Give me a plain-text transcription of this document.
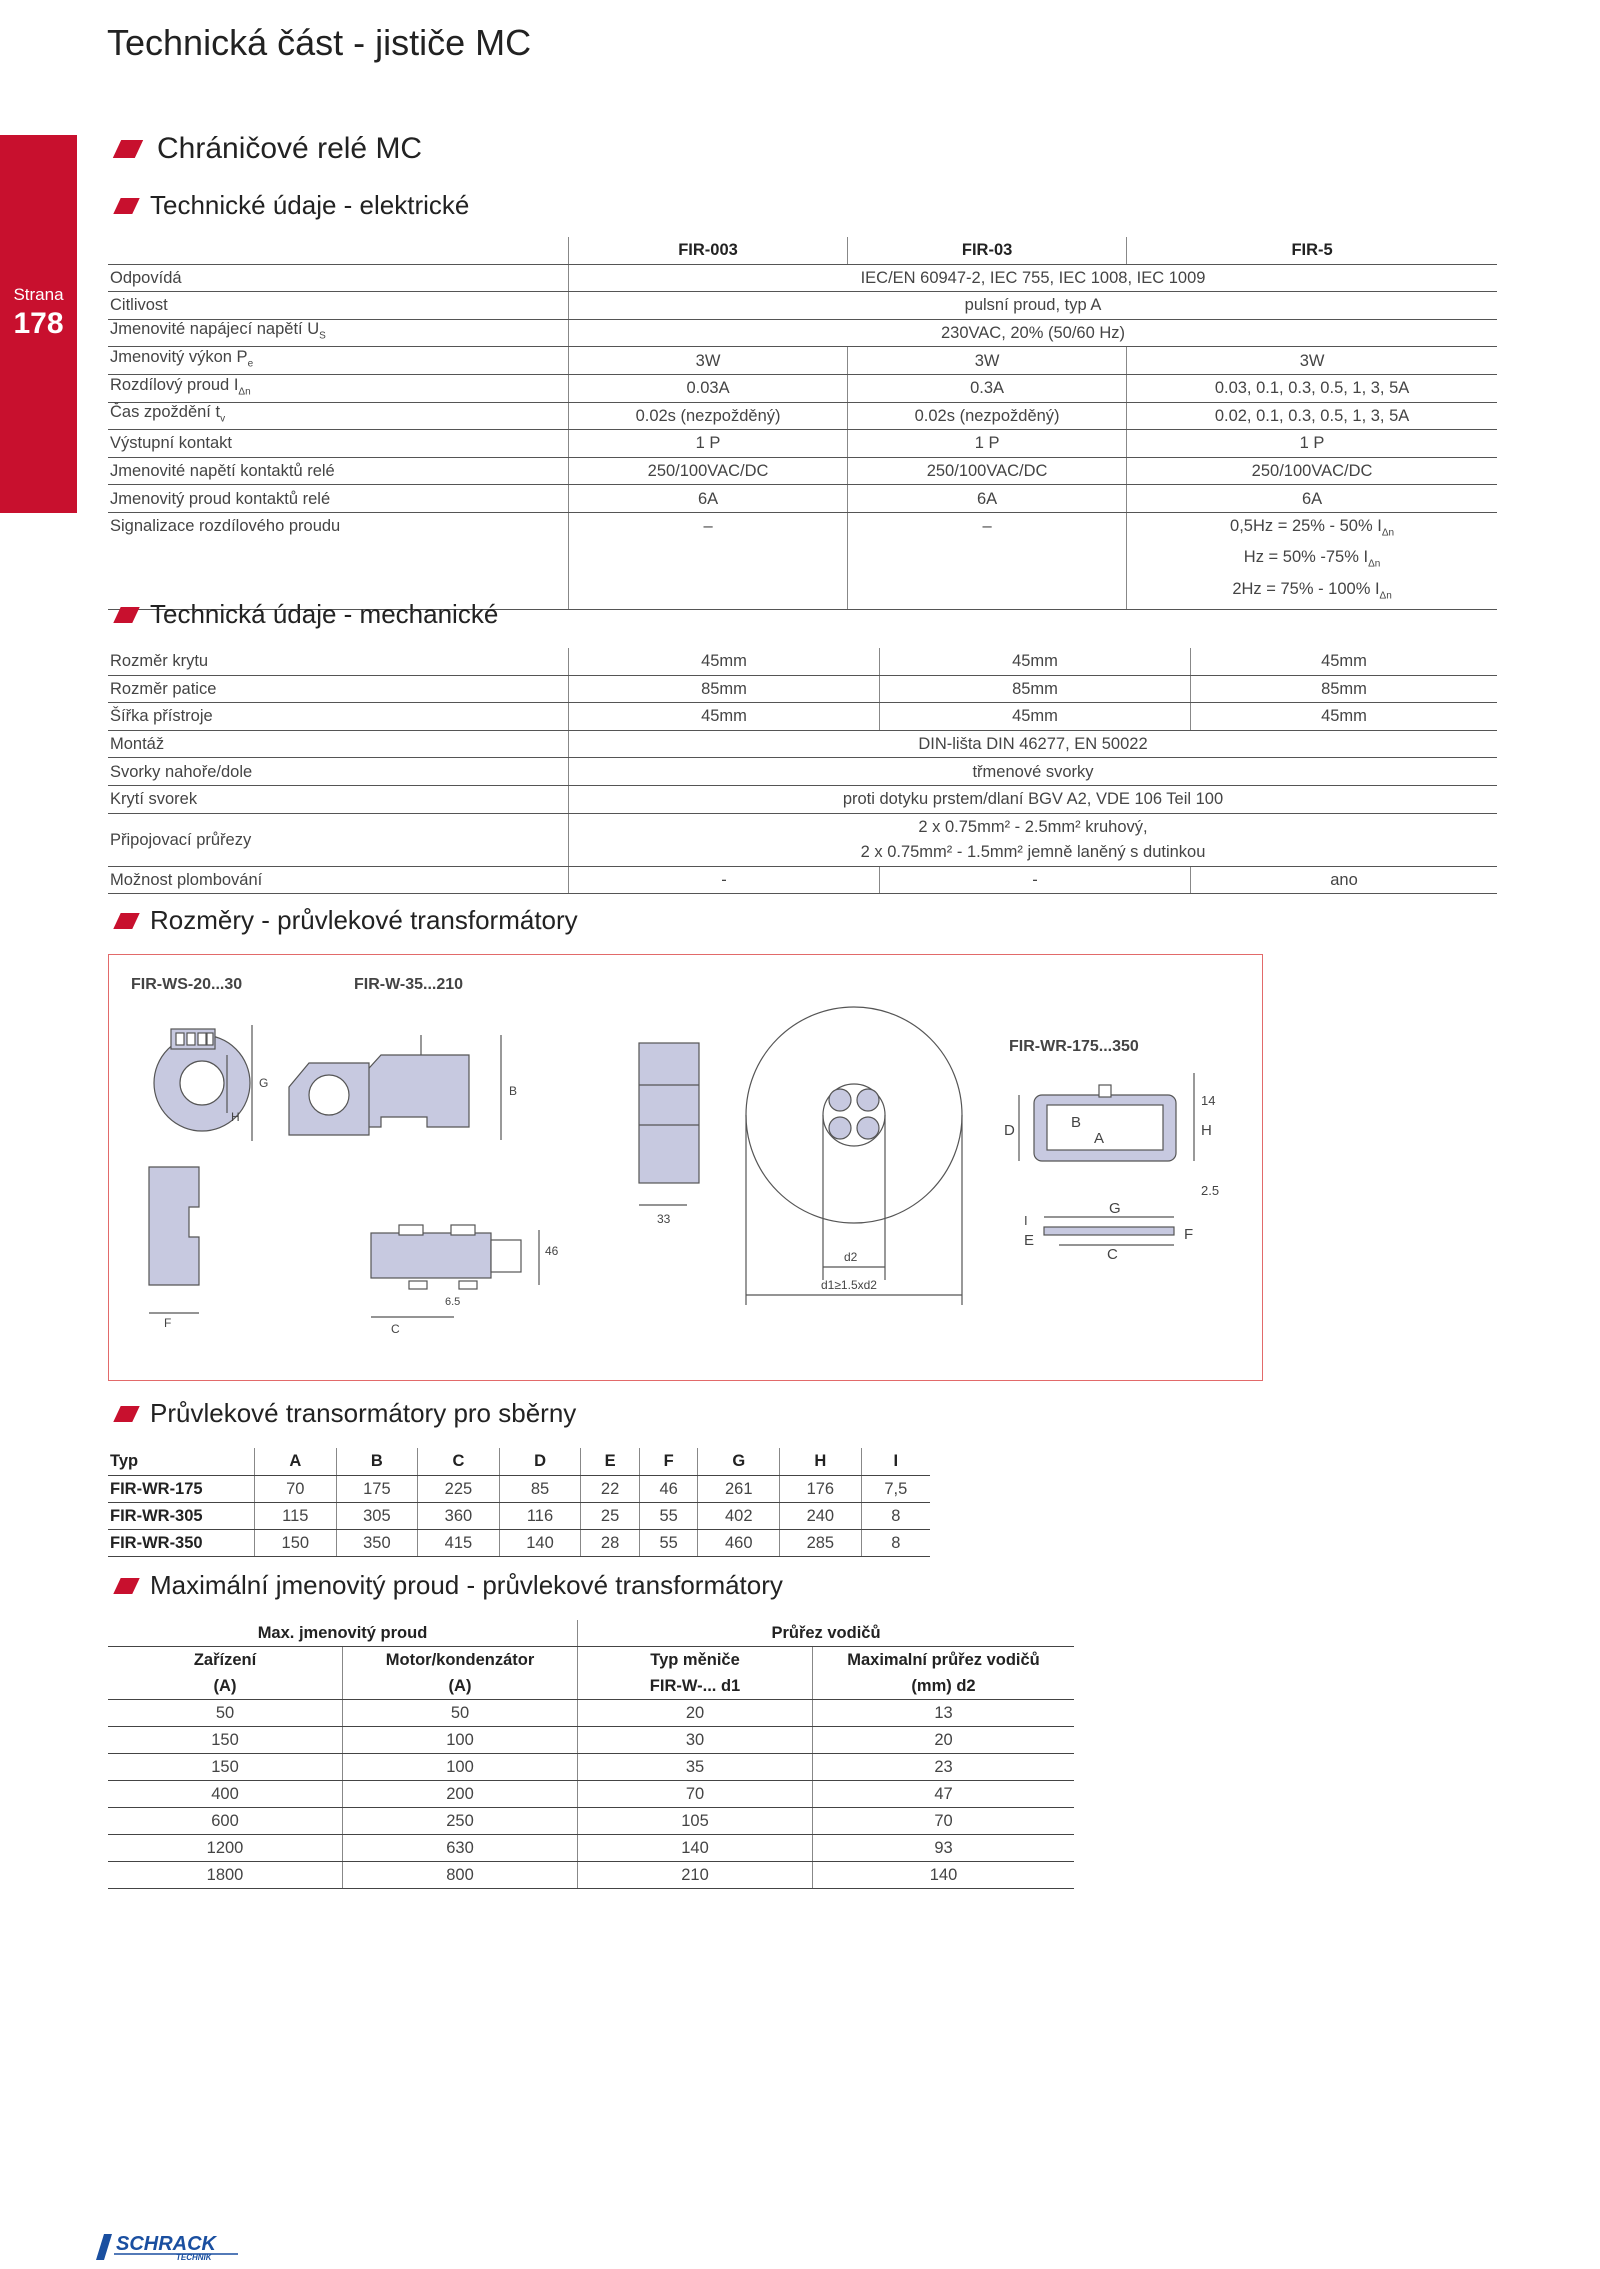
Technická část - jističe MC
Strana
178
Chráničové relé MC
Technické údaje - elektrické
	FIR-003	FIR-03	FIR-5
Odpovídá	IEC/EN 60947-2, IEC 755, IEC 1008, IEC 1009		
Citlivost	pulsní proud, typ A		
Jmenovité napájecí napětí $U_S$	230VAC, 20% (50/60 Hz)		
Jmenovitý výkon $P_e$	3W	3W	3W
Rozdílový proud $I_{\Delta n}$	0.03A	0.3A	0.03, 0.1, 0.3, 0.5, 1, 3, 5A
Čas zpoždění $t_v$	0.02s (nezpožděný)	0.02s (nezpožděný)	0.02, 0.1, 0.3, 0.5, 1, 3, 5A
Výstupní kontakt	1 P	1 P	1 P
Jmenovité napětí kontaktů relé	250/100VAC/DC	250/100VAC/DC	250/100VAC/DC
Jmenovitý proud kontaktů relé	6A	6A	6A
Signalizace rozdílového proudu	–	–	0,5Hz = 25% - 50% $I_{\Delta n}$
Hz = 50% -75% $I_{\Delta n}$
2Hz = 75% - 100% $I_{\Delta n}$
Technická údaje - mechanické
Rozměr krytu	45mm	45mm	45mm
Rozměr patice	85mm	85mm	85mm
Šířka přístroje	45mm	45mm	45mm
Montáž	DIN-lišta DIN 46277, EN 50022		
Svorky nahoře/dole	třmenové svorky		
Krytí svorek	proti dotyku prstem/dlaní BGV A2, VDE 106 Teil 100		
Připojovací průřezy	2 x 0.75mm² - 2.5mm² kruhový,
2 x 0.75mm² - 1.5mm² jemně laněný s dutinkou		

Možnost plombování	-	-	ano
Rozměry - průvlekové transformátory
FIR-WS-20...30	FIR-W-35...210
FIR-WR-175...350
G
H
B
F	C
33
46
6.5
d2
d1≥1.5xd2
B
A
D	H
14
2.5
G
C
F
E
I
Průvlekové transormátory pro sběrny
Typ	A	B	C	D	E	F	G	H	I
FIR-WR-175	70	175	225	85	22	46	261	176	7,5
FIR-WR-305	115	305	360	116	25	55	402	240	8
FIR-WR-350	150	350	415	140	28	55	460	285	8
Maximální jmenovitý proud - průvlekové transformátory
Max. jmenovitý proud		Průřez vodičů	
Zařízení	Motor/kondenzátor	Typ měniče	Maximalní průřez vodičů
(A)	(A)	FIR-W-... d1	(mm) d2
50	50	20	13
150	100	30	20
150	100	35	23
400	200	70	47
600	250	105	70
1200	630	140	93
1800	800	210	140
SCHRACK
TECHNIK
